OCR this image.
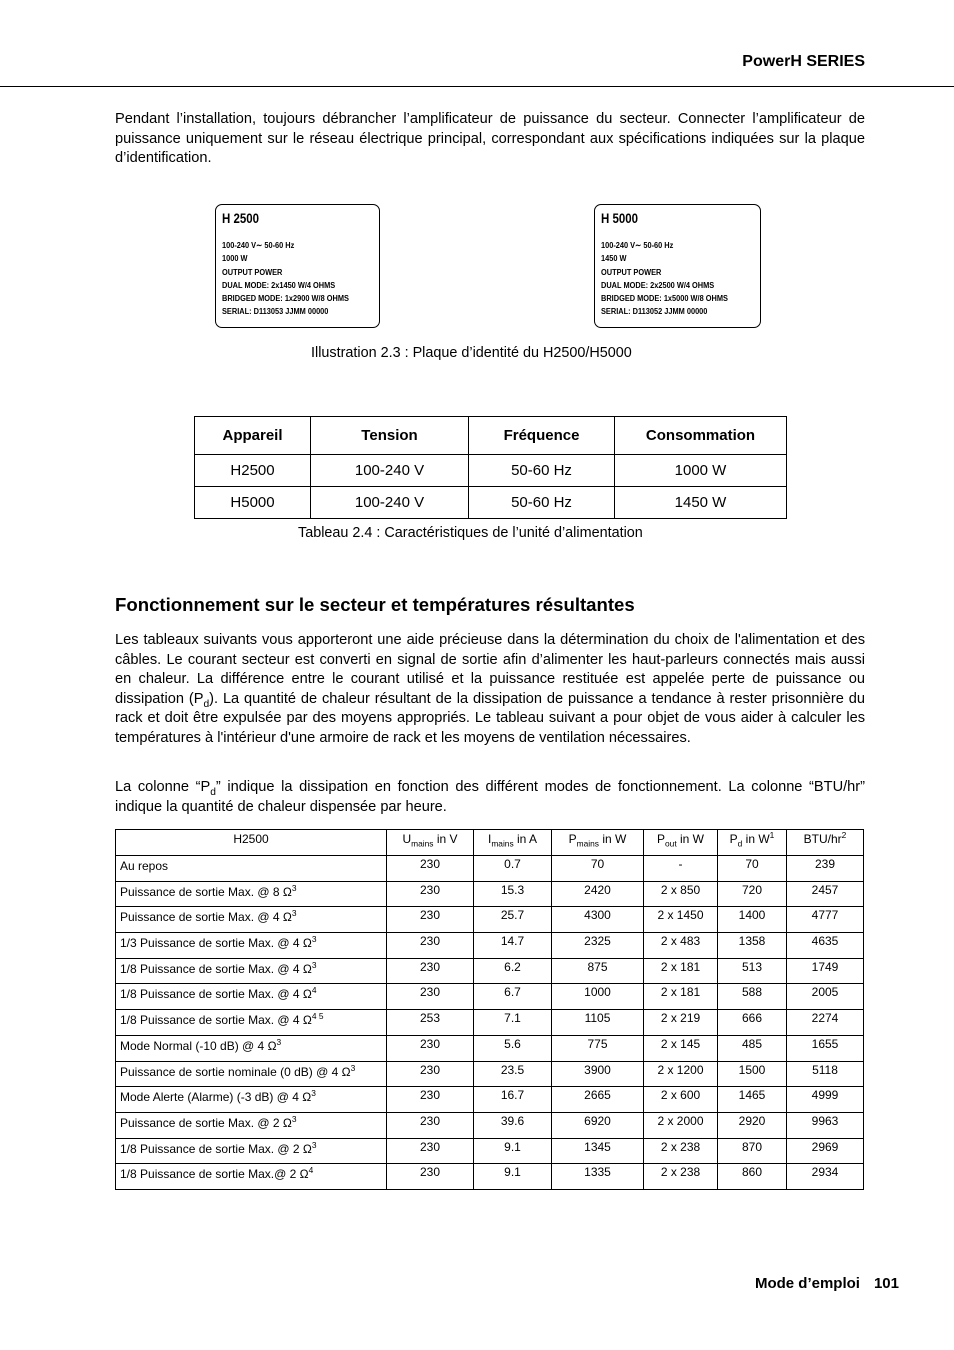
PowerH SERIES

Pendant l’installation, toujours débrancher l’amplificateur de puissance du secteur. Connecter l’amplificateur de puissance uniquement sur le réseau électrique principal, correspondant aux spécifications indiquées sur la plaque d’identification.

H 2500
100-240 V∼ 50-60 Hz
1000 W
OUTPUT POWER
DUAL MODE: 2x1450 W/4 OHMS
BRIDGED MODE: 1x2900 W/8 OHMS
SERIAL: D113053 JJMM 00000
H 5000
100-240 V∼ 50-60 Hz
1450 W
OUTPUT POWER
DUAL MODE: 2x2500 W/4 OHMS
BRIDGED MODE: 1x5000 W/8 OHMS
SERIAL: D113052 JJMM 00000
Illustration 2.3 : Plaque d’identité du H2500/H5000
Appareil	Tension	Fréquence	Consommation
H2500	100-240 V	50-60 Hz	1000 W
H5000	100-240 V	50-60 Hz	1450 W
Tableau 2.4 : Caractéristiques de l’unité d’alimentation
Fonctionnement sur le secteur et températures résultantes

Les tableaux suivants vous apporteront une aide précieuse dans la détermination du choix de l'alimentation et des câbles. Le courant secteur est converti en signal de sortie afin d’alimenter les haut-parleurs connectés mais aussi en chaleur. La différence entre le courant utilisé et la puissance restituée est appelée perte de puissance ou dissipation $(P_d)$. La quantité de chaleur résultant de la dissipation de puissance a tendance à rester prisonnière du rack et doit être expulsée par des moyens appropriés. Le tableau suivant a pour objet de vous aider à calculer les températures à l'intérieur d'une armoire de rack et les moyens de ventilation nécessaires.

La colonne “$P_d$” indique la dissipation en fonction des différent modes de fonctionnement. La colonne “BTU/hr” indique la quantité de chaleur dispensée par heure.

H2500	$U_{mains}$ in V	$I_{mains}$ in A	$P_{mains}$ in W	$P_{out}$ in W	$P_d$ in $W^1$	BTU/$hr^2$
Au repos	230	0.7	70	-	70	239
Puissance de sortie Max. @ 8 $\Omega^3$	230	15.3	2420	2 x 850	720	2457
Puissance de sortie Max. @ 4 $\Omega^3$	230	25.7	4300	2 x 1450	1400	4777
1/3 Puissance de sortie Max. @ 4 $\Omega^3$	230	14.7	2325	2 x 483	1358	4635
1/8 Puissance de sortie Max. @ 4 $\Omega^3$	230	6.2	875	2 x 181	513	1749
1/8 Puissance de sortie Max. @ 4 $\Omega^4$	230	6.7	1000	2 x 181	588	2005
1/8 Puissance de sortie Max. @ 4 $\Omega^{4 5}$	253	7.1	1105	2 x 219	666	2274
Mode Normal (-10 dB) @ 4 $\Omega^3$	230	5.6	775	2 x 145	485	1655
Puissance de sortie nominale (0 dB) @ 4 $\Omega^3$	230	23.5	3900	2 x 1200	1500	5118
Mode Alerte (Alarme) (-3 dB) @ 4 $\Omega^3$	230	16.7	2665	2 x 600	1465	4999
Puissance de sortie Max. @ 2 $\Omega^3$	230	39.6	6920	2 x 2000	2920	9963
1/8 Puissance de sortie Max. @ 2 $\Omega^3$	230	9.1	1345	2 x 238	870	2969
1/8 Puissance de sortie Max.@ 2 $\Omega^4$	230	9.1	1335	2 x 238	860	2934
Mode d’emploi 101
